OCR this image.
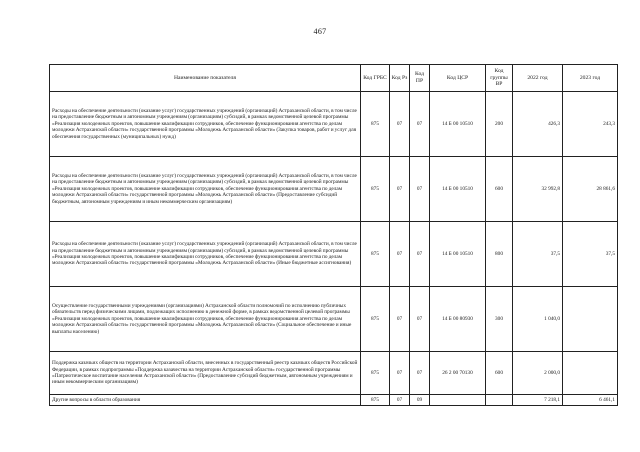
467
Наименование показателя	Код ГРБС	Код Рз	Код ПР	Код ЦСР	Код группы ВР	2022 год	2023 год
Расходы на обеспечение деятельности (оказание услуг) государственных учреждений (организаций) Астраханской области, в том числе на предоставление бюджетным и автономным учреждениям (организациям) субсидий, в рамках ведомственной целевой программы «Реализация молодежных проектов, повышение квалификации сотрудников, обеспечение функционирования агентства по делам молодежи Астраханской области» государственной программы «Молодежь Астраханской области» (Закупка товаров, работ и услуг для обеспечения государственных (муниципальных) нужд)	875	07	07	14 Б 00 10510	200	426,3	243,3
Расходы на обеспечение деятельности (оказание услуг) государственных учреждений (организаций) Астраханской области, в том числе на предоставление бюджетным и автономным учреждениям (организациям) субсидий, в рамках ведомственной целевой программы «Реализация молодежных проектов, повышение квалификации сотрудников, обеспечение функционирования агентства по делам молодежи Астраханской области» государственной программы «Молодежь Астраханской области» (Предоставление субсидий бюджетным, автономным учреждениям и иным некоммерческим организациям)	875	07	07	14 Б 00 10510	600	32 992,8	28 861,6
Расходы на обеспечение деятельности (оказание услуг) государственных учреждений (организаций) Астраханской области, в том числе на предоставление бюджетным и автономным учреждениям (организациям) субсидий, в рамках ведомственной целевой программы «Реализация молодежных проектов, повышение квалификации сотрудников, обеспечение функционирования агентства по делам молодежи Астраханской области» государственной программы «Молодежь Астраханской области» (Иные бюджетные ассигнования)	875	07	07	14 Б 00 10510	800	37,5	37,5
Осуществление государственными учреждениями (организациями) Астраханской области полномочий по исполнению публичных обязательств перед физическими лицами, подлежащих исполнению в денежной форме, в рамках ведомственной целевой программы «Реализация молодежных проектов, повышение квалификации сотрудников, обеспечение функционирования агентства по делам молодежи Астраханской области» государственной программы «Молодежь Астраханской области» (Социальное обеспечение и иные выплаты населению)	875	07	07	14 Б 00 80930	300	1 040,0	
Поддержка казачьих обществ на территории Астраханской области, внесенных в государственный реестр казачьих обществ Российской Федерации, в рамках подпрограммы «Поддержка казачества на территории Астраханской области» государственной программы «Патриотическое воспитание населения Астраханской области» (Предоставление субсидий бюджетным, автономным учреждениям и иным некоммерческим организациям)	875	07	07	26 2 00 70130	600	2 000,0	
Другие вопросы в области образования	875	07	09			7 218,1	6 461,1
